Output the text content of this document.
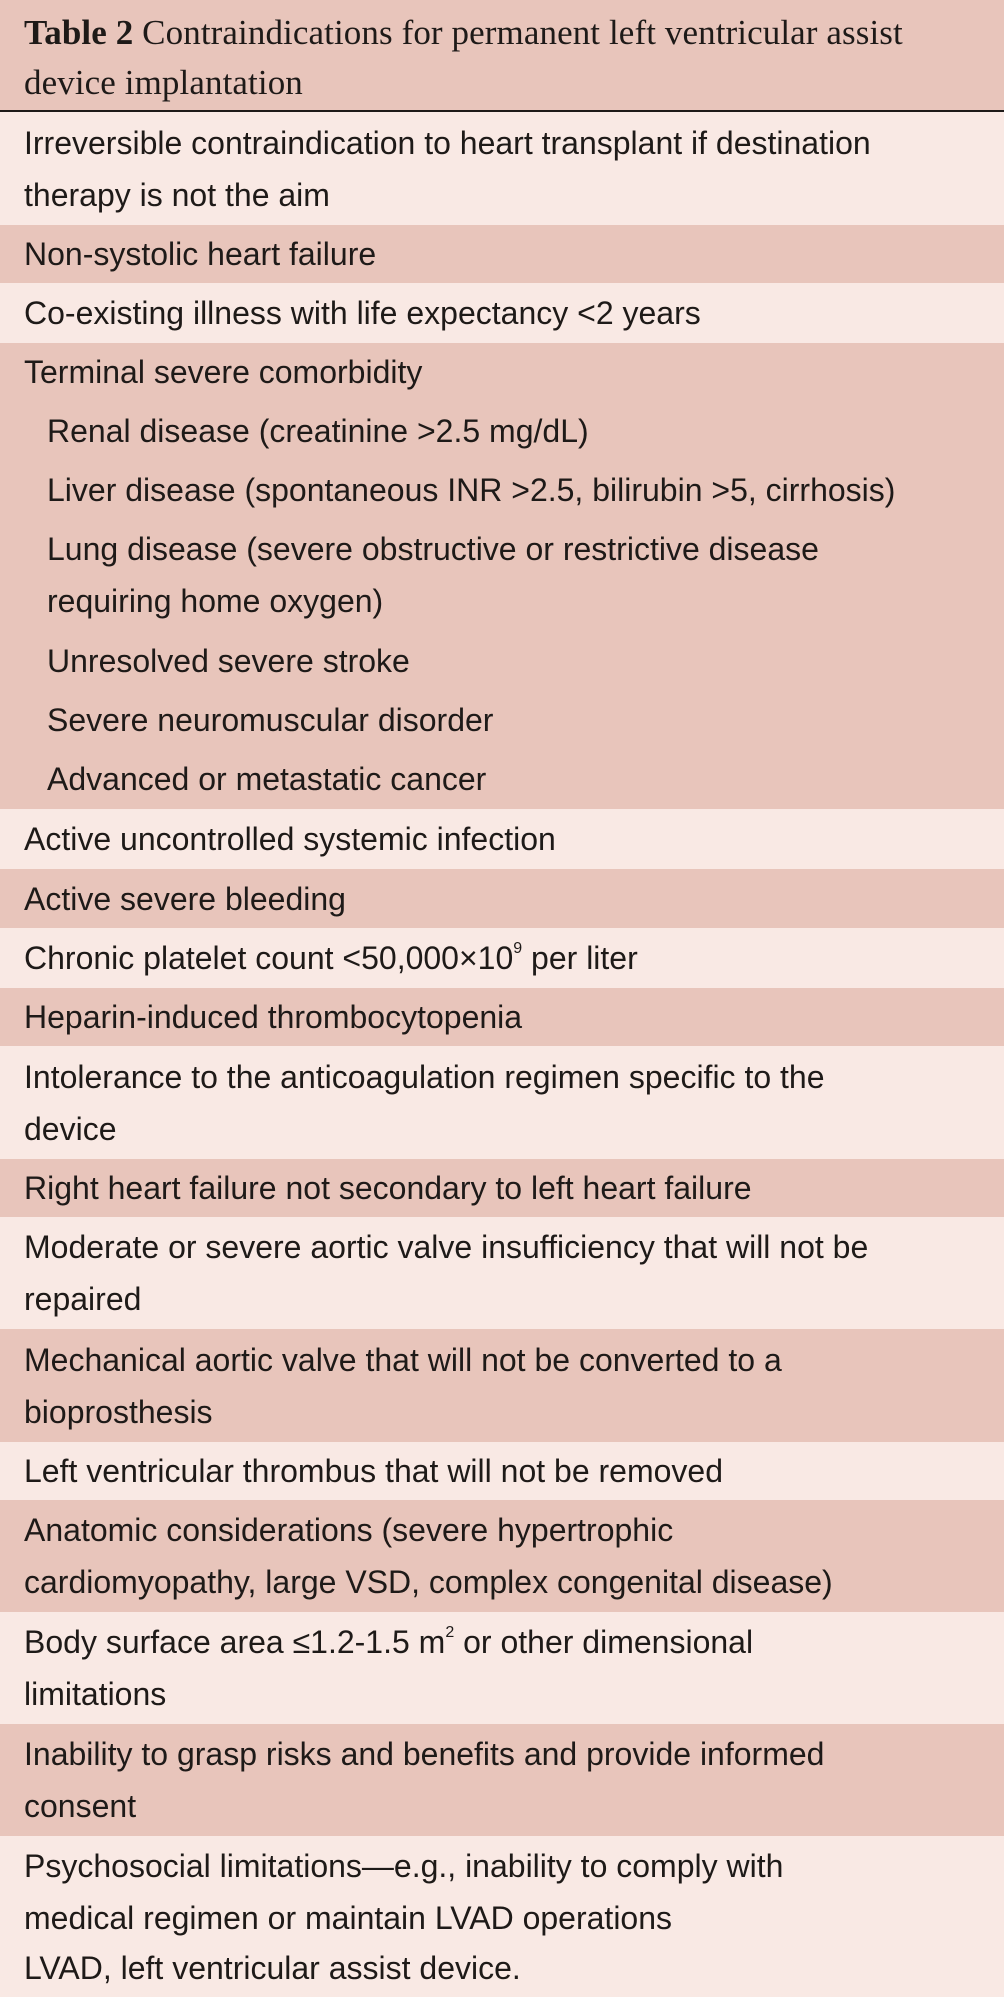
Table 2 Contraindications for permanent left ventricular assist
device implantation
Irreversible contraindication to heart transplant if destination
therapy is not the aim
Non-systolic heart failure
Co-existing illness with life expectancy <2 years
Terminal severe comorbidity
Renal disease (creatinine >2.5 mg/dL)
Liver disease (spontaneous INR >2.5, bilirubin >5, cirrhosis)
Lung disease (severe obstructive or restrictive disease
requiring home oxygen)
Unresolved severe stroke
Severe neuromuscular disorder
Advanced or metastatic cancer
Active uncontrolled systemic infection
Active severe bleeding
Chronic platelet count $<50,000\times 10^9$ per liter
Heparin-induced thrombocytopenia
Intolerance to the anticoagulation regimen specific to the
device
Right heart failure not secondary to left heart failure
Moderate or severe aortic valve insufficiency that will not be
repaired
Mechanical aortic valve that will not be converted to a
bioprosthesis
Left ventricular thrombus that will not be removed
Anatomic considerations (severe hypertrophic
cardiomyopathy, large VSD, complex congenital disease)
Body surface area ≤1.2-1.5 $m^2$ or other dimensional
limitations
Inability to grasp risks and benefits and provide informed
consent
Psychosocial limitations—e.g., inability to comply with
medical regimen or maintain LVAD operations
LVAD, left ventricular assist device.
